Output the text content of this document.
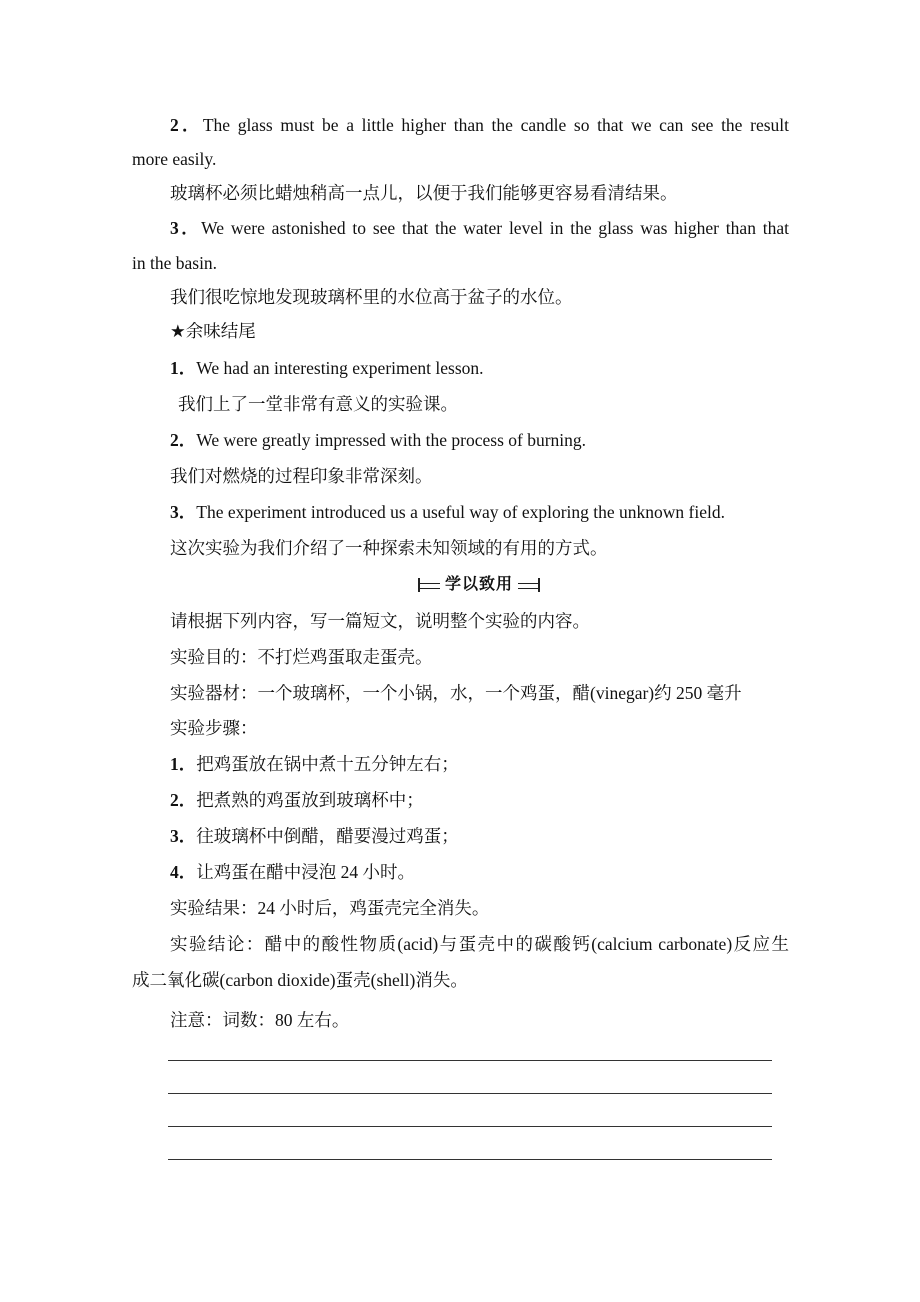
2．The glass must be a little higher than the candle so that we can see the result
more easily.
玻璃杯必须比蜡烛稍高一点儿，以便于我们能够更容易看清结果。
3．We were astonished to see that the water level in the glass was higher than that
in the basin.
我们很吃惊地发现玻璃杯里的水位高于盆子的水位。
★余味结尾
1．We had an interesting experiment lesson.
我们上了一堂非常有意义的实验课。
2．We were greatly impressed with the process of burning.
我们对燃烧的过程印象非常深刻。
3．The experiment introduced us a useful way of exploring the unknown field.
这次实验为我们介绍了一种探索未知领域的有用的方式。
学以致用
请根据下列内容，写一篇短文，说明整个实验的内容。
实验目的：不打烂鸡蛋取走蛋壳。
实验器材：一个玻璃杯，一个小锅，水，一个鸡蛋，醋(vinegar)约 250 毫升
实验步骤：
1．把鸡蛋放在锅中煮十五分钟左右；
2．把煮熟的鸡蛋放到玻璃杯中；
3．往玻璃杯中倒醋，醋要漫过鸡蛋；
4．让鸡蛋在醋中浸泡 24 小时。
实验结果：24 小时后，鸡蛋壳完全消失。
实验结论：醋中的酸性物质(acid)与蛋壳中的碳酸钙(calcium carbonate)反应生
成二氧化碳(carbon dioxide)蛋壳(shell)消失。
注意：词数：80 左右。
